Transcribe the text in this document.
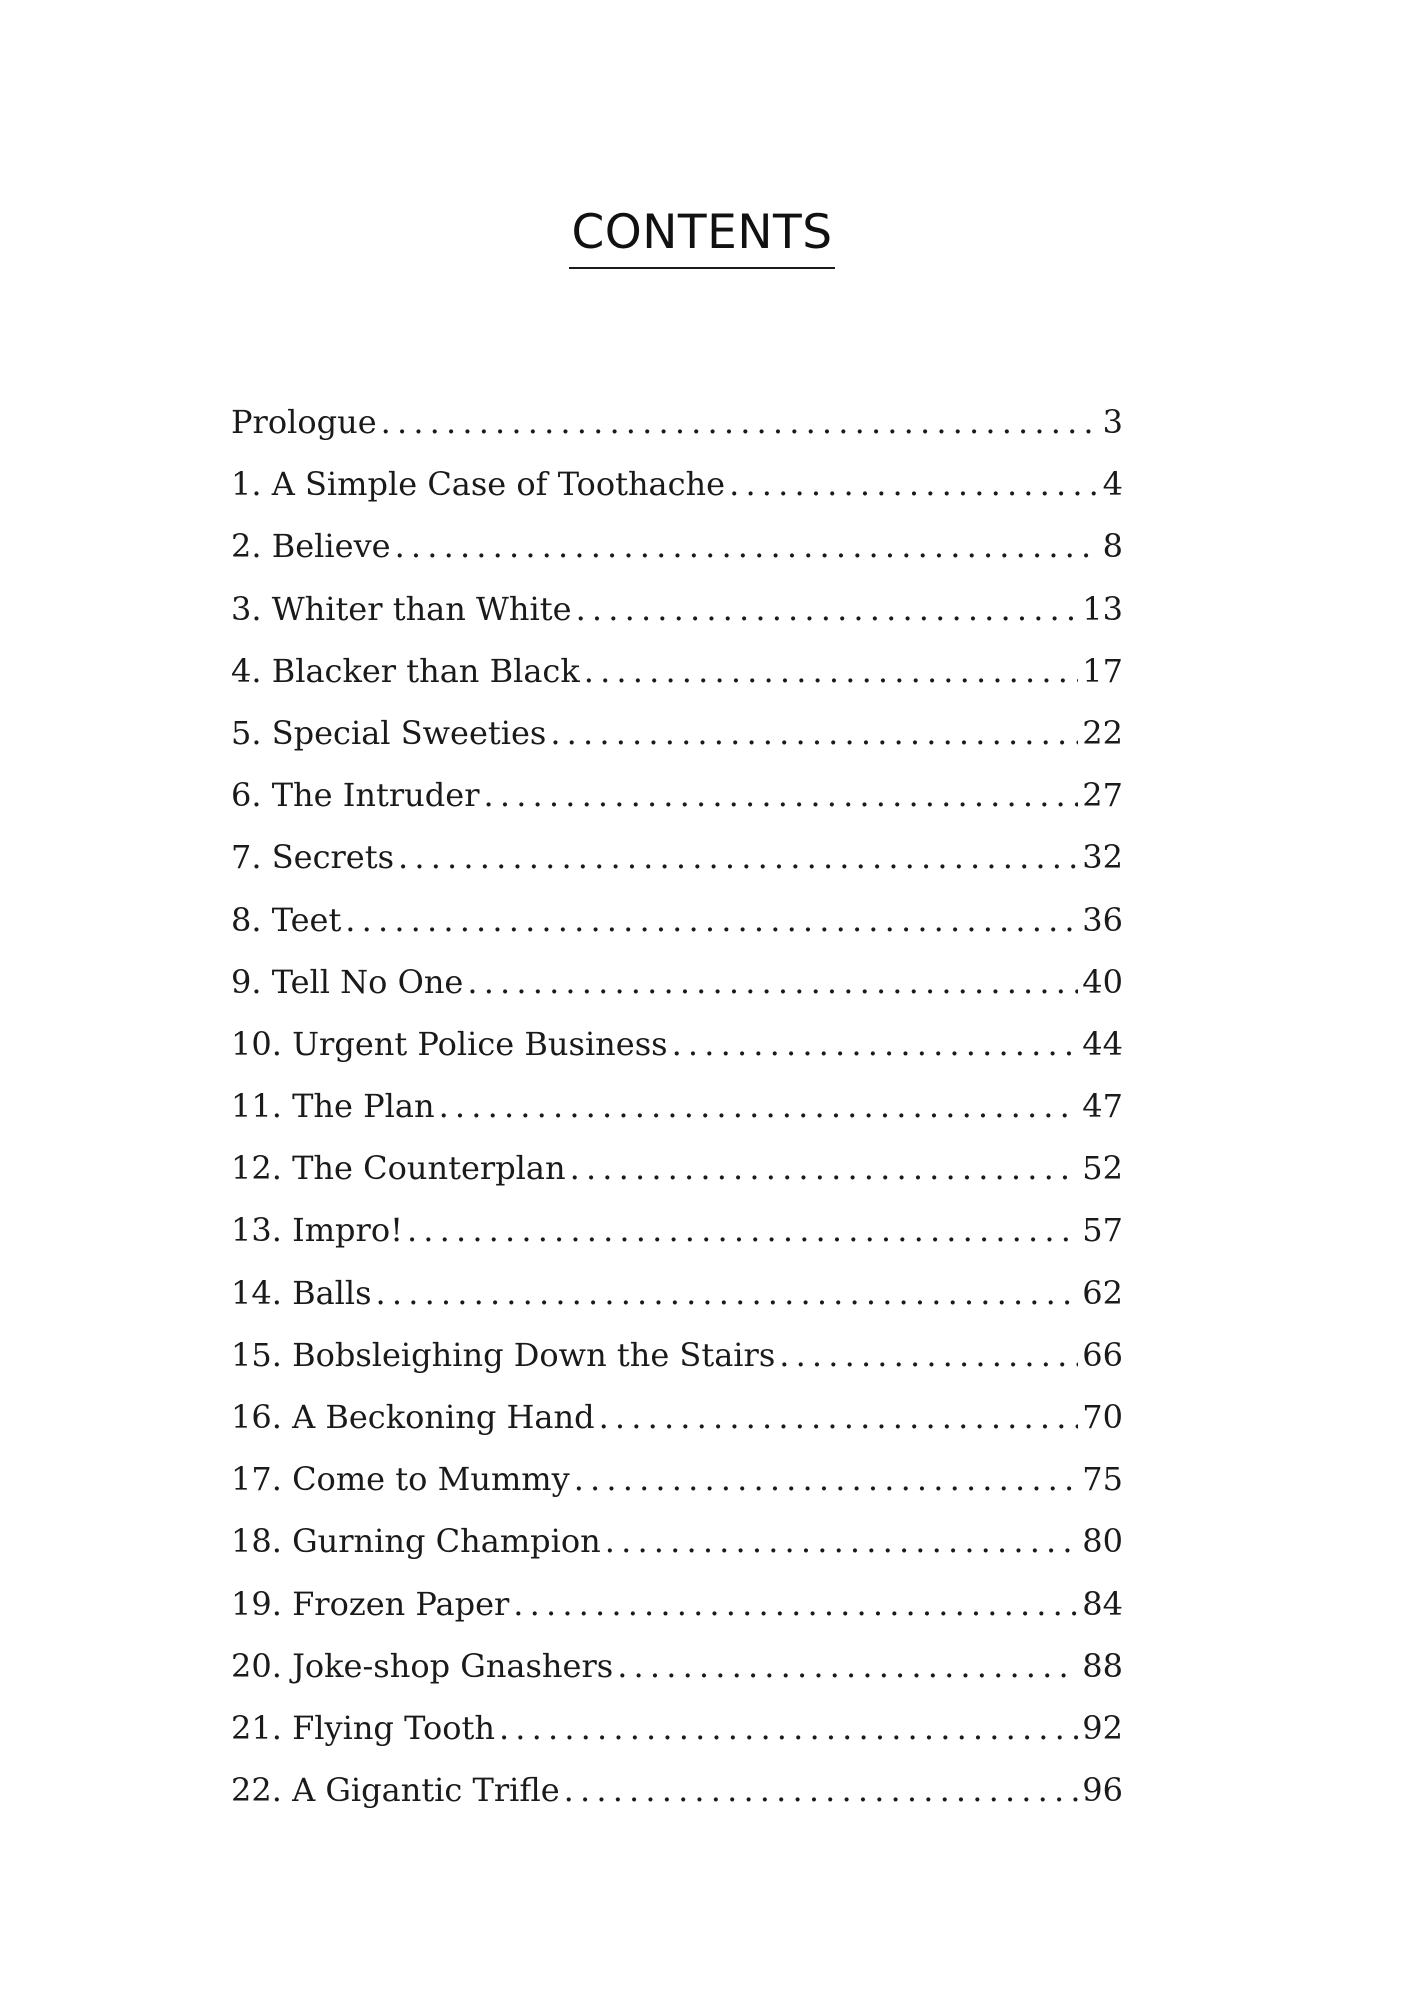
CONTENTS
Prologue . . .	3
1. A Simple Case of Toothache . . .	4
2. Believe . . .	8
3. Whiter than White . . .	13
4. Blacker than Black . . .	17
5. Special Sweeties . . .	22
6. The Intruder . . .	27
7. Secrets . . .	32
8. Teet . . .	36
9. Tell No One . . .	40
10. Urgent Police Business . . .	44
11. The Plan . . .	47
12. The Counterplan . . .	52
13. Impro! . . .	57
14. Balls . . .	62
15. Bobsleighing Down the Stairs . . .	66
16. A Beckoning Hand . . .	70
17. Come to Mummy . . .	75
18. Gurning Champion . . .	80
19. Frozen Paper . . .	84
20. Joke-shop Gnashers . . .	88
21. Flying Tooth . . .	92
22. A Gigantic Trifle . . .	96
